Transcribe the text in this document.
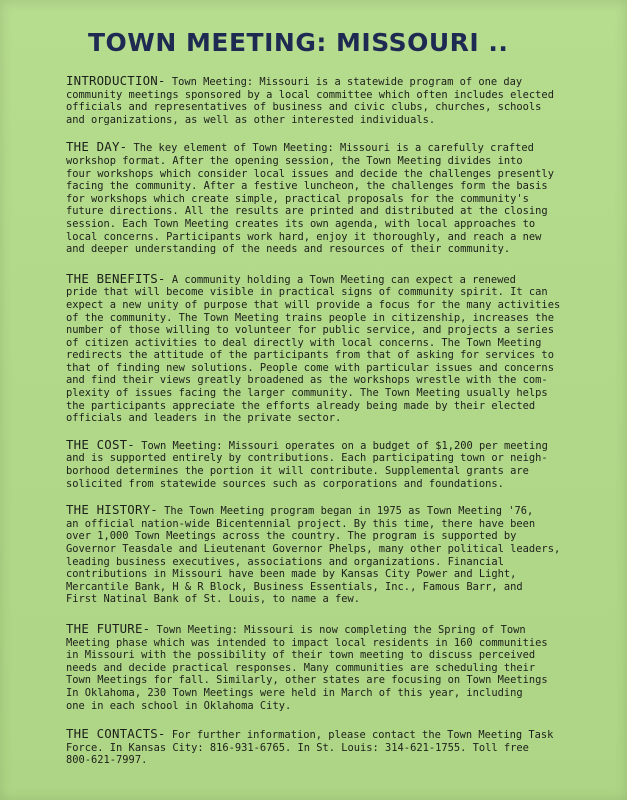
TOWN MEETING: MISSOURI ..
INTRODUCTION- Town Meeting: Missouri is a statewide program of one day
community meetings sponsored by a local committee which often includes elected
officials and representatives of business and civic clubs, churches, schools
and organizations, as well as other interested individuals.
THE DAY- The key element of Town Meeting: Missouri is a carefully crafted
workshop format. After the opening session, the Town Meeting divides into
four workshops which consider local issues and decide the challenges presently
facing the community. After a festive luncheon, the challenges form the basis
for workshops which create simple, practical proposals for the community's
future directions. All the results are printed and distributed at the closing
session. Each Town Meeting creates its own agenda, with local approaches to
local concerns. Participants work hard, enjoy it thoroughly, and reach a new
and deeper understanding of the needs and resources of their community.
THE BENEFITS- A community holding a Town Meeting can expect a renewed
pride that will become visible in practical signs of community spirit. It can
expect a new unity of purpose that will provide a focus for the many activities
of the community. The Town Meeting trains people in citizenship, increases the
number of those willing to volunteer for public service, and projects a series
of citizen activities to deal directly with local concerns. The Town Meeting
redirects the attitude of the participants from that of asking for services to
that of finding new solutions. People come with particular issues and concerns
and find their views greatly broadened as the workshops wrestle with the com-
plexity of issues facing the larger community. The Town Meeting usually helps
the participants appreciate the efforts already being made by their elected
officials and leaders in the private sector.
THE COST- Town Meeting: Missouri operates on a budget of $1,200 per meeting
and is supported entirely by contributions. Each participating town or neigh-
borhood determines the portion it will contribute. Supplemental grants are
solicited from statewide sources such as corporations and foundations.
THE HISTORY- The Town Meeting program began in 1975 as Town Meeting '76,
an official nation-wide Bicentennial project. By this time, there have been
over 1,000 Town Meetings across the country. The program is supported by
Governor Teasdale and Lieutenant Governor Phelps, many other political leaders,
leading business executives, associations and organizations. Financial
contributions in Missouri have been made by Kansas City Power and Light,
Mercantile Bank, H & R Block, Business Essentials, Inc., Famous Barr, and
First Natinal Bank of St. Louis, to name a few.
THE FUTURE- Town Meeting: Missouri is now completing the Spring of Town
Meeting phase which was intended to impact local residents in 160 communities
in Missouri with the possibility of their town meeting to discuss perceived
needs and decide practical responses. Many communities are scheduling their
Town Meetings for fall. Similarly, other states are focusing on Town Meetings
In Oklahoma, 230 Town Meetings were held in March of this year, including
one in each school in Oklahoma City.
THE CONTACTS- For further information, please contact the Town Meeting Task
Force. In Kansas City: 816-931-6765. In St. Louis: 314-621-1755. Toll free
800-621-7997.
